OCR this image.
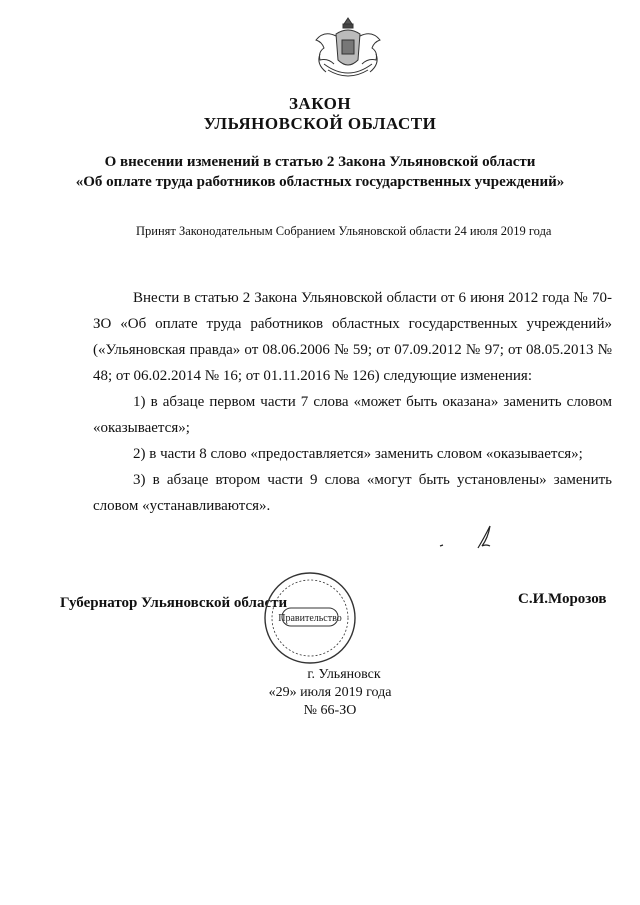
ЗАКОН
УЛЬЯНОВСКОЙ ОБЛАСТИ
О внесении изменений в статью 2 Закона Ульяновской области
«Об оплате труда работников областных государственных учреждений»
Принят Законодательным Собранием Ульяновской области 24 июля 2019 года

Внести в статью 2 Закона Ульяновской области от 6 июня 2012 года № 70-ЗО «Об оплате труда работников областных государственных учреждений» («Ульяновская правда» от 08.06.2006 № 59; от 07.09.2012 № 97; от 08.05.2013 № 48; от 06.02.2014 № 16; от 01.11.2016 № 126) следующие изменения:

1) в абзаце первом части 7 слова «может быть оказана» заменить словом «оказывается»;

2) в части 8 слово «предоставляется» заменить словом «оказывается»;

3) в абзаце втором части 9 слова «могут быть установлены» заменить словом «устанавливаются».

Губернатор Ульяновской области	С.И.Морозов
Правительство
г. Ульяновск
«29» июля 2019 года
№ 66-ЗО
